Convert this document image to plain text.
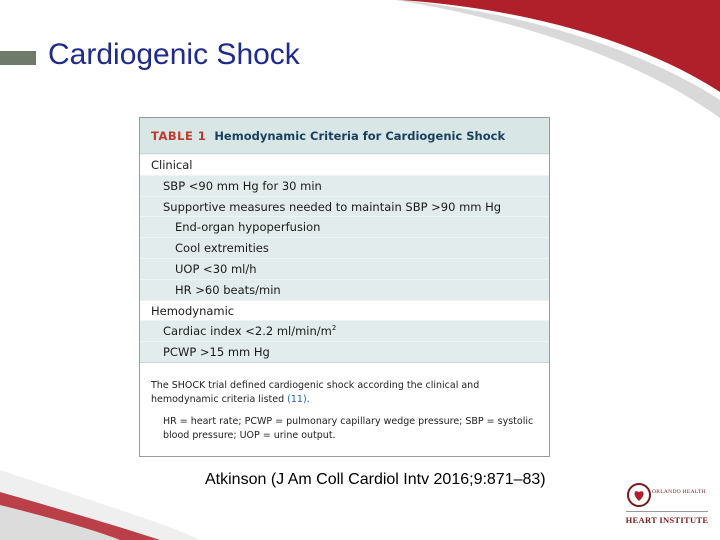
Cardiogenic Shock
TABLE 1 Hemodynamic Criteria for Cardiogenic Shock
Clinical
SBP <90 mm Hg for 30 min
Supportive measures needed to maintain SBP >90 mm Hg
End-organ hypoperfusion
Cool extremities
UOP <30 ml/h
HR >60 beats/min
Hemodynamic
Cardiac index <2.2 $ml/\min/m^2$
PCWP >15 mm Hg
The SHOCK trial defined cardiogenic shock according the clinical and hemodynamic criteria listed (11).
HR = heart rate; PCWP = pulmonary capillary wedge pressure; SBP = systolic blood pressure; UOP = urine output.
Atkinson (J Am Coll Cardiol Intv 2016;9:871–83)
ORLANDO HEALTH
HEART INSTITUTE
